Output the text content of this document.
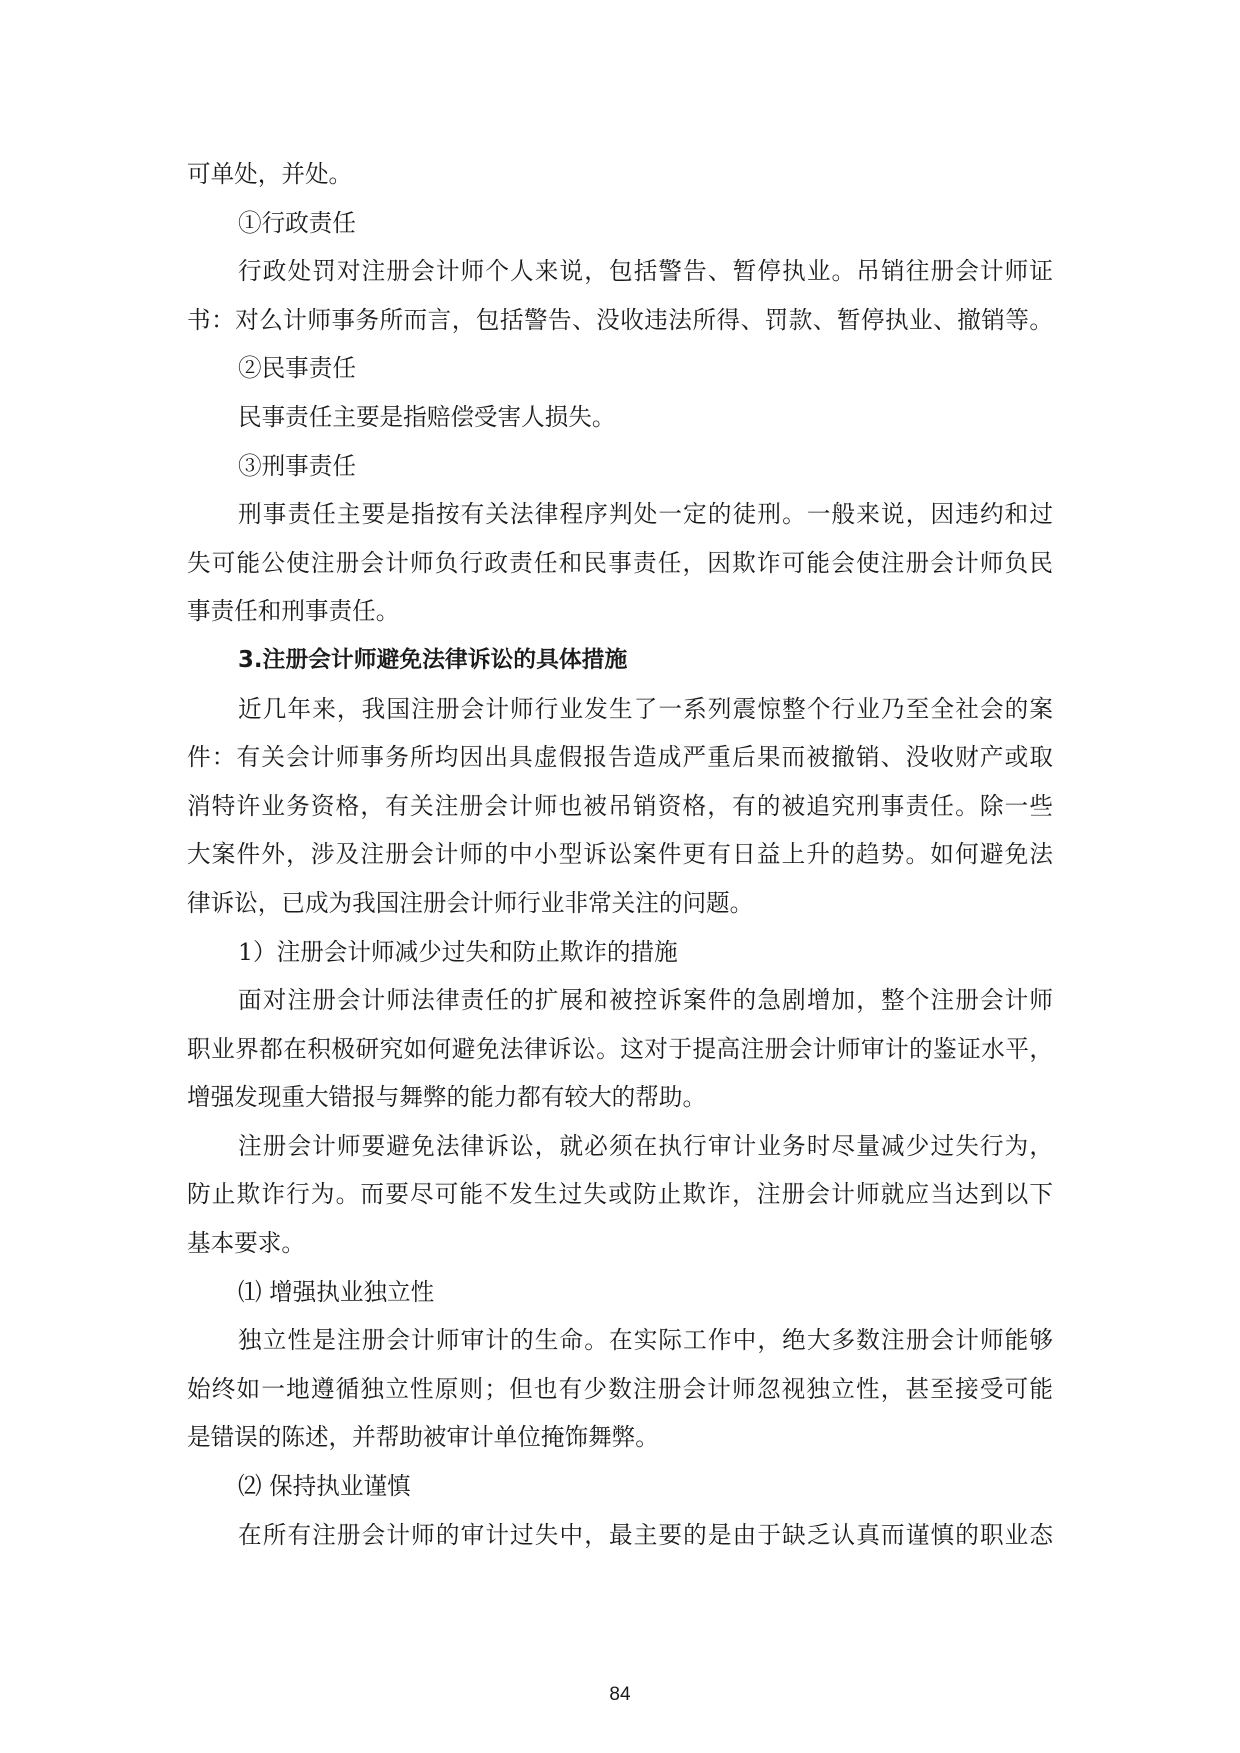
可单处，并处。
①行政责任
行政处罚对注册会计师个人来说，包括警告、暂停执业。吊销往册会计师证
书：对么计师事务所而言，包括警告、没收违法所得、罚款、暂停执业、撤销等。
②民事责任
民事责任主要是指赔偿受害人损失。
③刑事责任
刑事责任主要是指按有关法律程序判处一定的徒刑。一般来说，因违约和过
失可能公使注册会计师负行政责任和民事责任，因欺诈可能会使注册会计师负民
事责任和刑事责任。
3.注册会计师避免法律诉讼的具体措施
近几年来，我国注册会计师行业发生了一系列震惊整个行业乃至全社会的案
件：有关会计师事务所均因出具虚假报告造成严重后果而被撤销、没收财产或取
消特许业务资格，有关注册会计师也被吊销资格，有的被追究刑事责任。除一些
大案件外，涉及注册会计师的中小型诉讼案件更有日益上升的趋势。如何避免法
律诉讼，已成为我国注册会计师行业非常关注的问题。
1）注册会计师减少过失和防止欺诈的措施
面对注册会计师法律责任的扩展和被控诉案件的急剧增加，整个注册会计师
职业界都在积极研究如何避免法律诉讼。这对于提高注册会计师审计的鉴证水平，
增强发现重大错报与舞弊的能力都有较大的帮助。
注册会计师要避免法律诉讼，就必须在执行审计业务时尽量减少过失行为，
防止欺诈行为。而要尽可能不发生过失或防止欺诈，注册会计师就应当达到以下
基本要求。
⑴ 增强执业独立性
独立性是注册会计师审计的生命。在实际工作中，绝大多数注册会计师能够
始终如一地遵循独立性原则；但也有少数注册会计师忽视独立性，甚至接受可能
是错误的陈述，并帮助被审计单位掩饰舞弊。
⑵ 保持执业谨慎
在所有注册会计师的审计过失中，最主要的是由于缺乏认真而谨慎的职业态
84
